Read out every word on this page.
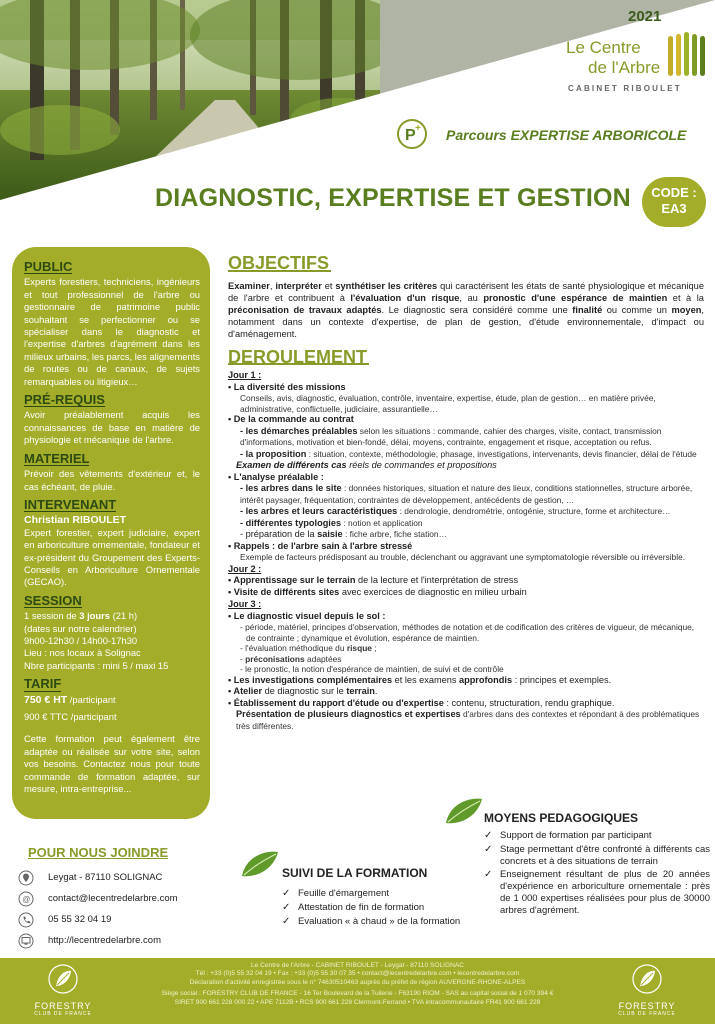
2021
Le Centre
de l'Arbre
CABINET RIBOULET
P + Parcours EXPERTISE ARBORICOLE
DIAGNOSTIC, EXPERTISE ET GESTION	CODE :
EA3
PUBLIC
Experts forestiers, techniciens, ingénieurs et tout professionnel de l'arbre ou gestionnaire de patrimoine public souhaitant se perfectionner ou se spécialiser dans le diagnostic et l'expertise d'arbres d'agrément dans les milieux urbains, les parcs, les alignements de routes ou de canaux, de sujets remarquables ou litigieux…
PRÉ-REQUIS
Avoir préalablement acquis les connaissances de base en matière de physiologie et mécanique de l'arbre.
MATERIEL
Prévoir des vêtements d'extérieur et, le cas échéant, de pluie.
INTERVENANT
Christian RIBOULET
Expert forestier, expert judiciaire, expert en arboriculture ornementale, fondateur et ex-président du Groupement des Experts-Conseils en Arboriculture Ornementale (GECAO).
SESSION
1 session de 3 jours (21 h)
(dates sur notre calendrier)
9h00-12h30 / 14h00-17h30
Lieu : nos locaux à Solignac
Nbre participants : mini 5 / maxi 15
TARIF
750 € HT /participant
900 € TTC /participant
Cette formation peut également être adaptée ou réalisée sur votre site, selon vos besoins. Contactez nous pour toute commande de formation adaptée, sur mesure, intra-entreprise...
POUR NOUS JOINDRE
Leygat - 87110 SOLIGNAC
@ contact@lecentredelarbre.com
05 55 32 04 19
http://lecentredelarbre.com
OBJECTIFS
Examiner, interpréter et synthétiser les critères qui caractérisent les états de santé physiologique et mécanique de l'arbre et contribuent à l'évaluation d'un risque, au pronostic d'une espérance de maintien et à la préconisation de travaux adaptés. Le diagnostic sera considéré comme une finalité ou comme un moyen, notamment dans un contexte d'expertise, de plan de gestion, d'étude environnementale, d'impact ou d'aménagement.
DEROULEMENT
Jour 1 :
• La diversité des missions
Conseils, avis, diagnostic, évaluation, contrôle, inventaire, expertise, étude, plan de gestion… en matière privée, administrative, conflictuelle, judiciaire, assurantielle…
• De la commande au contrat
- les démarches préalables selon les situations : commande, cahier des charges, visite, contact, transmission d'informations, motivation et bien-fondé, délai, moyens, contrainte, engagement et risque, acceptation ou refus.
- la proposition : situation, contexte, méthodologie, phasage, investigations, intervenants, devis financier, délai de l'étude
Examen de différents cas réels de commandes et propositions
• L'analyse préalable :
- les arbres dans le site : données historiques, situation et nature des lieux, conditions stationnelles, structure arborée, intérêt paysager, fréquentation, contraintes de développement, antécédents de gestion, …
- les arbres et leurs caractéristiques : dendrologie, dendrométrie, ontogénie, structure, forme et architecture…
- différentes typologies : notion et application
- préparation de la saisie : fiche arbre, fiche station…
• Rappels : de l'arbre sain à l'arbre stressé
Exemple de facteurs prédisposant au trouble, déclenchant ou aggravant une symptomatologie réversible ou irréversible.
Jour 2 :
• Apprentissage sur le terrain de la lecture et l'interprétation de stress
• Visite de différents sites avec exercices de diagnostic en milieu urbain
Jour 3 :
• Le diagnostic visuel depuis le sol :
- période, matériel, principes d'observation, méthodes de notation et de codification des critères de vigueur, de mécanique, de contrainte ; dynamique et évolution, espérance de maintien.
- l'évaluation méthodique du risque ;
- préconisations adaptées
- le pronostic, la notion d'espérance de maintien, de suivi et de contrôle
• Les investigations complémentaires et les examens approfondis : principes et exemples.
• Atelier de diagnostic sur le terrain.
• Établissement du rapport d'étude ou d'expertise : contenu, structuration, rendu graphique.
Présentation de plusieurs diagnostics et expertises d'arbres dans des contextes et répondant à des problématiques très différentes.
MOYENS PEDAGOGIQUES
✓ Support de formation par participant
✓ Stage permettant d'être confronté à différents cas concrets et à des situations de terrain
✓ Enseignement résultant de plus de 20 années d'expérience en arboriculture ornementale : près de 1 000 expertises réalisées pour plus de 30000 arbres d'agrément.
SUIVI DE LA FORMATION
✓ Feuille d'émargement
✓ Attestation de fin de formation
✓ Evaluation « à chaud » de la formation
FORESTRY
CLUB DE FRANCE
Le Centre de l'Arbre - CABINET RIBOULET - Leygat - 87110 SOLIGNAC
Tél : +33 (0)5 55 32 04 19 • Fax : +33 (0)5 55 30 07 35 • contact@lecentredelarbre.com • lecentredelarbre.com
Déclaration d'activité enregistrée sous le n° 74630510463 auprès du préfet de région AUVERGNE-RHONE-ALPES
Siège social : FORESTRY CLUB DE FRANCE - 16 Ter Boulevard de la Tuilerie - F63190 RIOM - SAS au capital social de 1 070 394 €
SIRET 900 661 228 000 22 • APE 7112B • RCS 900 661 228 Clermont-Ferrand • TVA intracommunautaire FR41 900 661 228	FORESTRY
CLUB DE FRANCE
